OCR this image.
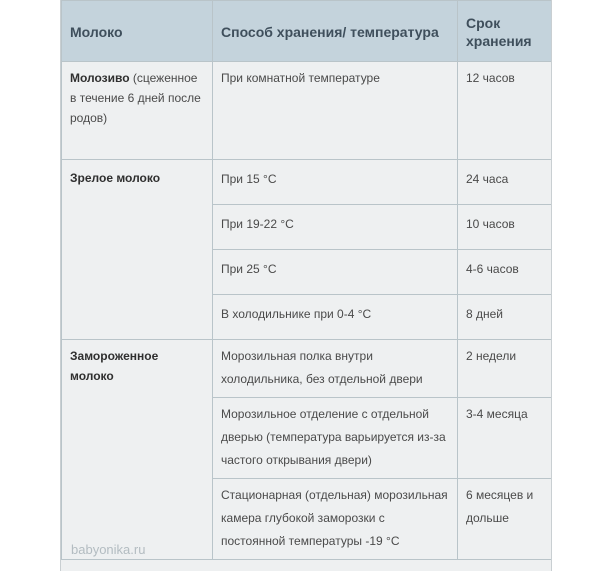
Молоко	Способ хранения/ температура	Срок хранения
Молозиво (сцеженное в течение 6 дней после родов)	При комнатной температуре	12 часов
Зрелое молоко	При 15 °С	24 часа
	При 19-22 °С	10 часов
	При 25 °С	4-6 часов
	В холодильнике при 0-4 °С	8 дней
Замороженное молоко	Морозильная полка внутри холодильника, без отдельной двери	2 недели
	Морозильное отделение с отдельной дверью (температура варьируется из-за частого открывания двери)	3-4 месяца
	Стационарная (отдельная) морозильная камера глубокой заморозки с постоянной температуры -19 °С	6 месяцев и дольше
babyonika.ru
